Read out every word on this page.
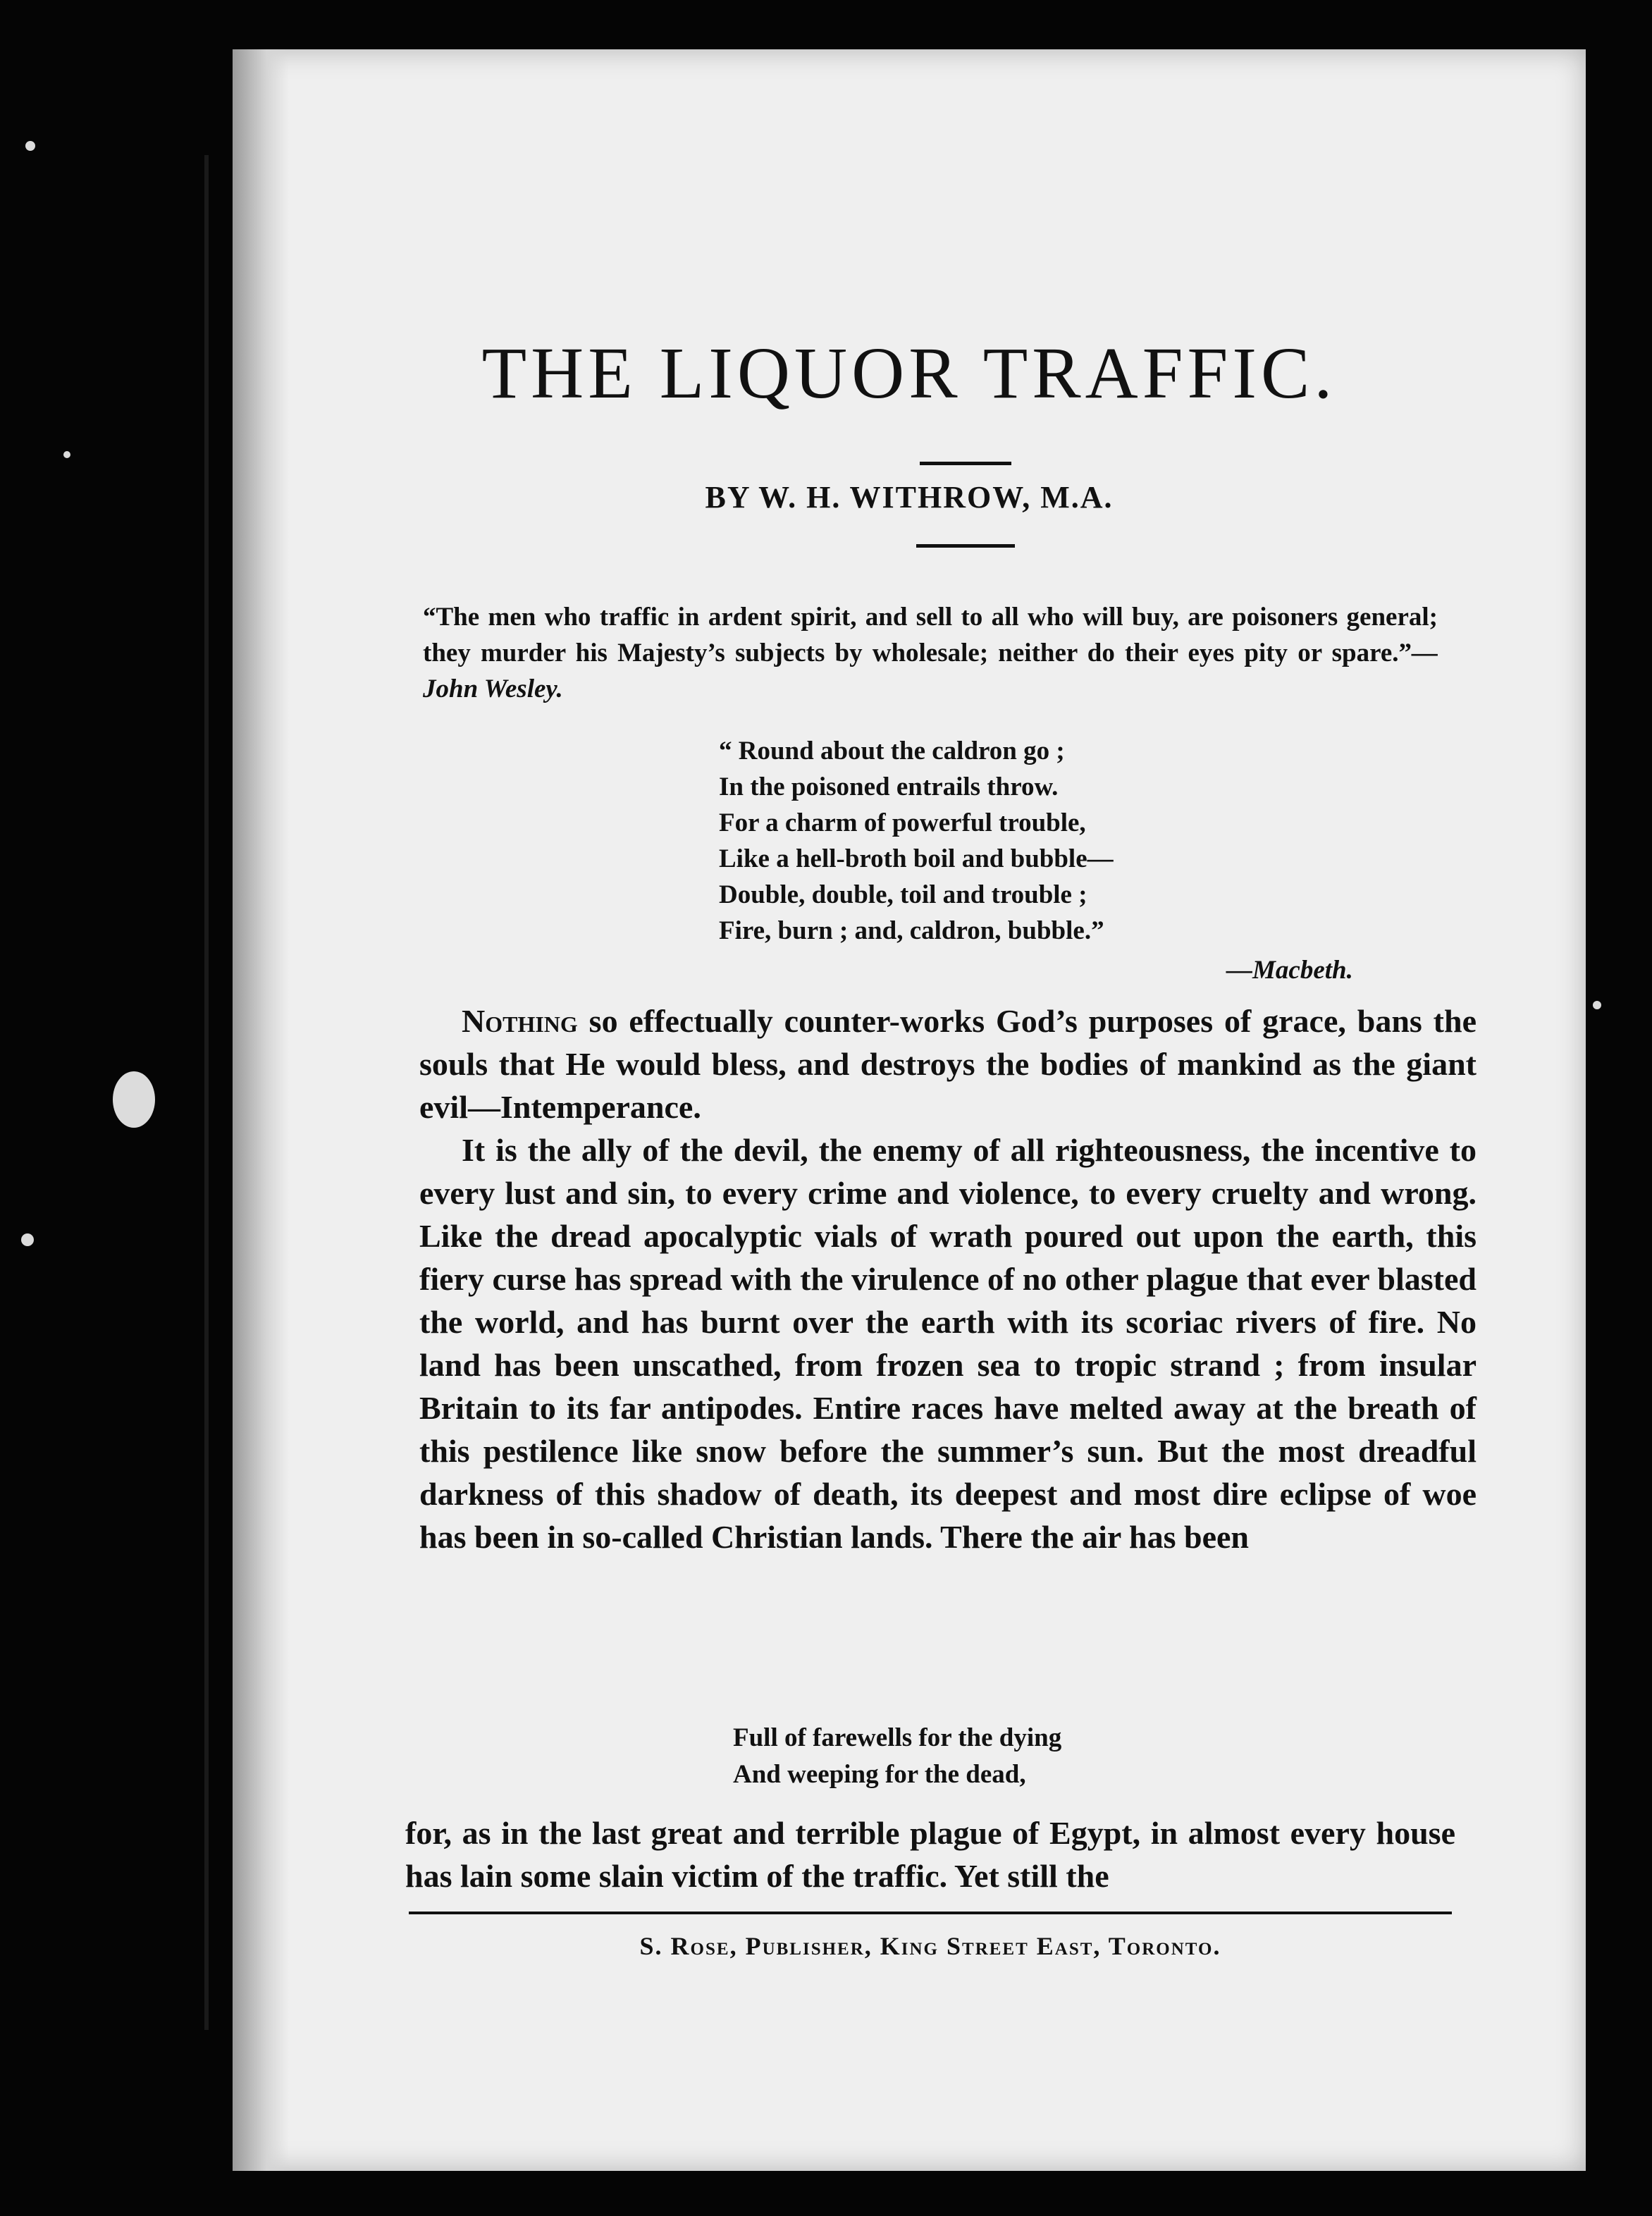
THE LIQUOR TRAFFIC.
BY W. H. WITHROW, M.A.

“The men who traffic in ardent spirit, and sell to all who will buy, are poisoners general; they murder his Majesty’s subjects by wholesale; neither do their eyes pity or spare.”—John Wesley.

“ Round about the caldron go ;
In the poisoned entrails throw.
For a charm of powerful trouble,
Like a hell-broth boil and bubble—
Double, double, toil and trouble ;
Fire, burn ; and, caldron, bubble.”
—Macbeth.

Nothing so effectually counter-works God’s purposes of grace, bans the souls that He would bless, and destroys the bodies of mankind as the giant evil—Intemperance.

It is the ally of the devil, the enemy of all righteousness, the incentive to every lust and sin, to every crime and violence, to every cruelty and wrong. Like the dread apocalyptic vials of wrath poured out upon the earth, this fiery curse has spread with the virulence of no other plague that ever blasted the world, and has burnt over the earth with its scoriac rivers of fire. No land has been unscathed, from frozen sea to tropic strand ; from insular Britain to its far antipodes. Entire races have melted away at the breath of this pestilence like snow before the summer’s sun. But the most dreadful darkness of this shadow of death, its deepest and most dire eclipse of woe has been in so-called Christian lands. There the air has been

Full of farewells for the dying
And weeping for the dead,

for, as in the last great and terrible plague of Egypt, in almost every house has lain some slain victim of the traffic. Yet still the

S. Rose, Publisher, King Street East, Toronto.
